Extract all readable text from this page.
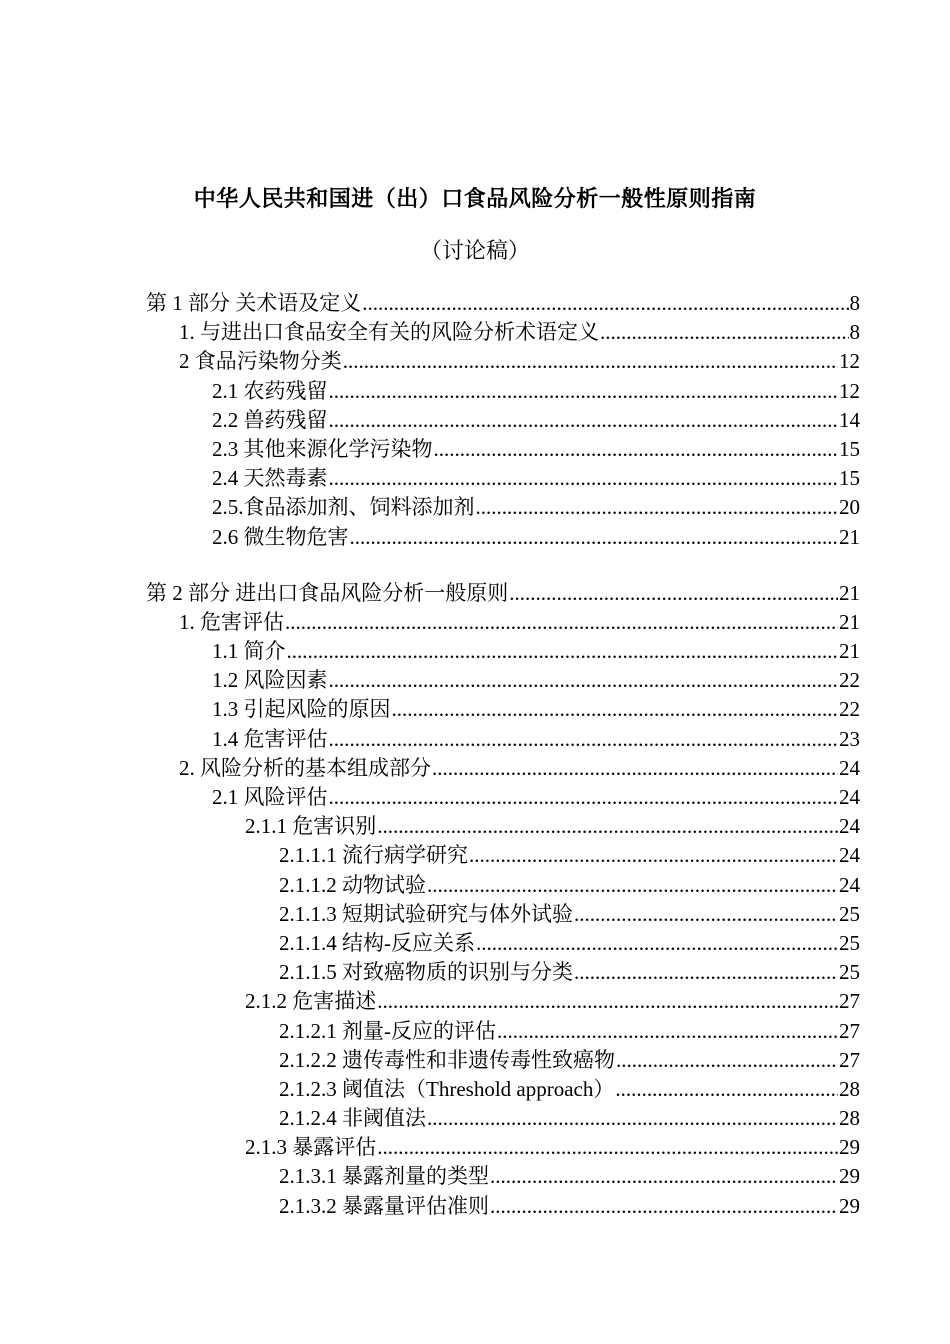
中华人民共和国进（出）口食品风险分析一般性原则指南
（讨论稿）
第 1 部分 关术语及定义 .....	8
1. 与进出口食品安全有关的风险分析术语定义 .....	8
2 食品污染物分类 .....	12
2.1 农药残留 .....	12
2.2 兽药残留 .....	14
2.3 其他来源化学污染物 .....	15
2.4 天然毒素 .....	15
2.5.食品添加剂、饲料添加剂 .....	20
2.6 微生物危害 .....	21
第 2 部分 进出口食品风险分析一般原则 .....	21
1. 危害评估 .....	21
1.1 简介 .....	21
1.2 风险因素 .....	22
1.3 引起风险的原因 .....	22
1.4 危害评估 .....	23
2. 风险分析的基本组成部分 .....	24
2.1 风险评估 .....	24
2.1.1 危害识别 .....	24
2.1.1.1 流行病学研究 .....	24
2.1.1.2 动物试验 .....	24
2.1.1.3 短期试验研究与体外试验 .....	25
2.1.1.4 结构-反应关系 .....	25
2.1.1.5 对致癌物质的识别与分类 .....	25
2.1.2 危害描述 .....	27
2.1.2.1 剂量-反应的评估 .....	27
2.1.2.2 遗传毒性和非遗传毒性致癌物 .....	27
2.1.2.3 阈值法（Threshold approach） .....	28
2.1.2.4 非阈值法 .....	28
2.1.3 暴露评估 .....	29
2.1.3.1 暴露剂量的类型 .....	29
2.1.3.2 暴露量评估准则 .....	29
